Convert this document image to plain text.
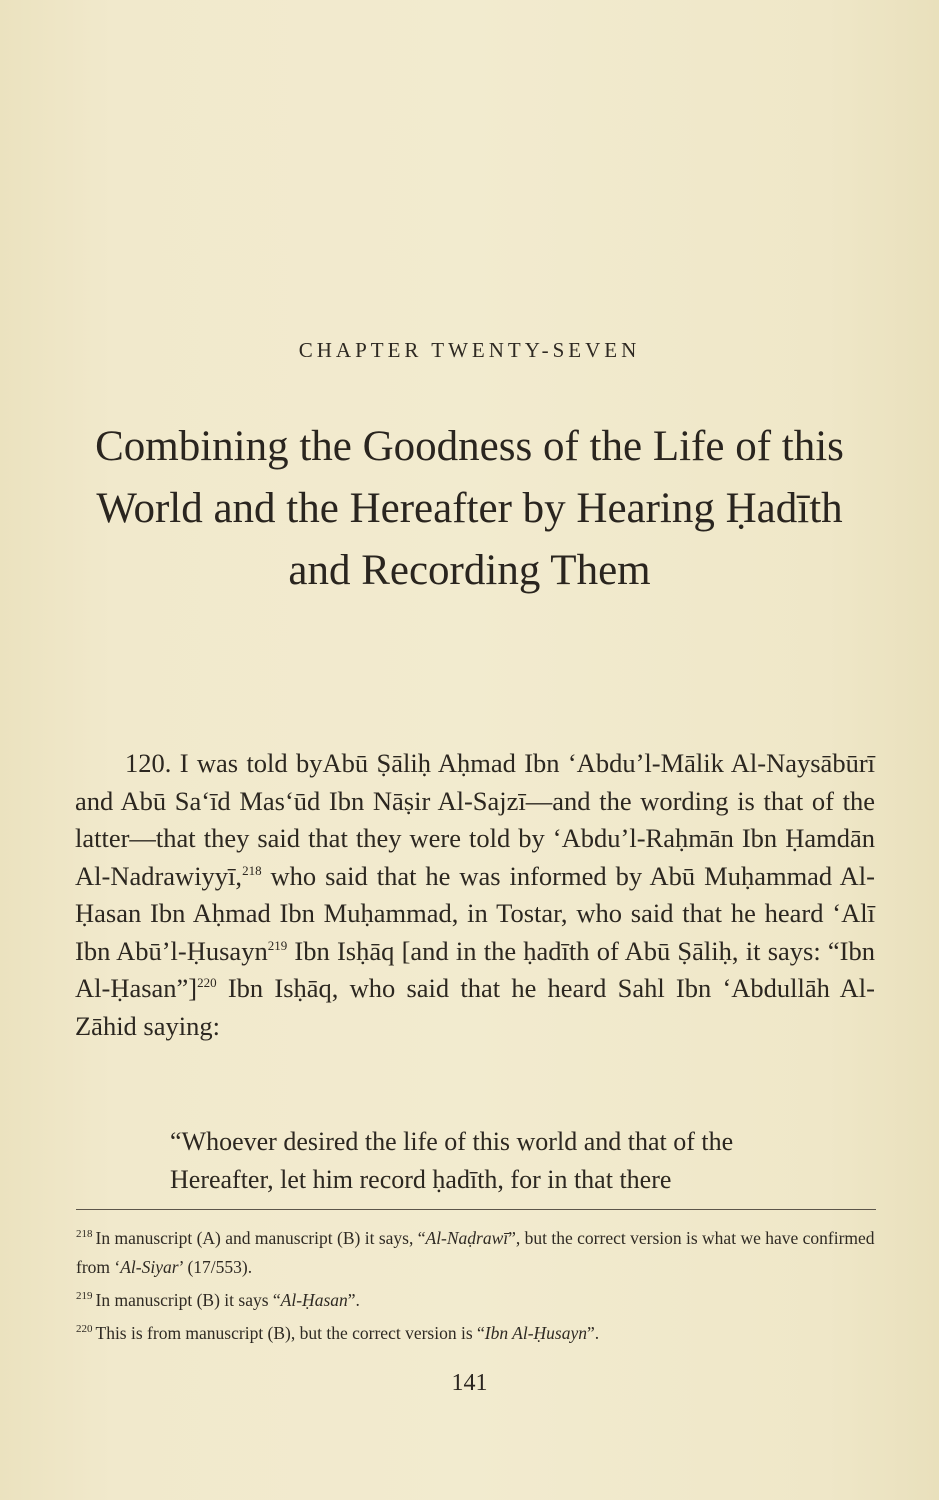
CHAPTER TWENTY-SEVEN
Combining the Goodness of the Life of this World and the Hereafter by Hearing Ḥadīth and Recording Them
120. I was told byAbū Ṣāliḥ Aḥmad Ibn ‘Abdu’l-Mālik Al-Naysābūrī and Abū Sa‘īd Mas‘ūd Ibn Nāṣir Al-Sajzī—and the wording is that of the latter—that they said that they were told by ‘Abdu’l-Raḥmān Ibn Ḥamdān Al-Nadrawiyyī,$^{218}$ who said that he was informed by Abū Muḥammad Al-Ḥasan Ibn Aḥmad Ibn Muḥammad, in Tostar, who said that he heard ‘Alī Ibn Abū’l-Ḥusayn$^{219}$ Ibn Isḥāq [and in the ḥadīth of Abū Ṣāliḥ, it says: “Ibn Al-Ḥasan”]$^{220}$ Ibn Isḥāq, who said that he heard Sahl Ibn ‘Abdullāh Al-Zāhid saying:
“Whoever desired the life of this world and that of the Hereafter, let him record ḥadīth, for in that there

$^{218}$ In manuscript (A) and manuscript (B) it says, “Al-Naḍrawī”, but the correct version is what we have confirmed from ‘Al-Siyar’ (17/553).

$^{219}$ In manuscript (B) it says “Al-Ḥasan”.

$^{220}$ This is from manuscript (B), but the correct version is “Ibn Al-Ḥusayn”.

141
